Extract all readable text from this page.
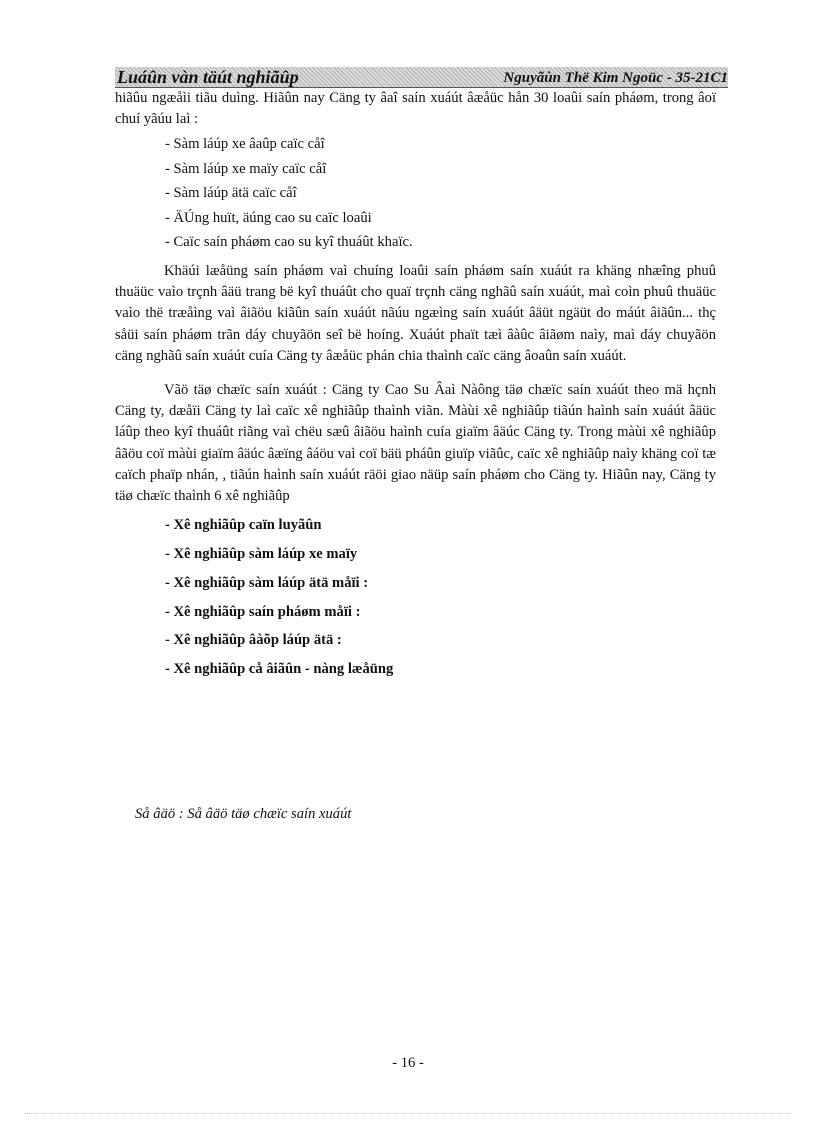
Luáûn vàn täút nghiãûp	Nguyãùn Thë Kim Ngoüc - 35-21C1

hiãûu ngæåìi tiãu duìng. Hiãûn nay Cäng ty âaî saín xuáút âæåüc hån 30 loaûi saín pháøm, trong âoï chuí yãúu laì :

- Sàm láúp xe âaûp caïc cåî
- Sàm láúp xe maïy caïc cåî
- Sàm láúp ätä caïc cåî
- ÄÚng huït, äúng cao su caïc loaûi
- Caïc saín pháøm cao su kyî thuáût khaïc.

Khäúi læåüng saín pháøm vaì chuíng loaûi saín pháøm saín xuáút ra khäng nhæîng phuû thuäüc vaìo trçnh âäü trang bë kyî thuáût cho quaï trçnh cäng nghãû saín xuáút, maì coìn phuû thuäüc vaìo thë træåìng vaì âiãöu kiãûn saín xuáút nãúu ngæìng saín xuáút âäüt ngäüt do máút âiãûn... thç såüi saín pháøm trãn dáy chuyãön seî bë hoíng. Xuáút phaït tæì âàûc âiãøm naìy, maì dáy chuyãön cäng nghãû saín xuáút cuía Cäng ty âæåüc phán chia thaình caïc cäng âoaûn saín xuáút.

Vãö täø chæïc saín xuáút : Cäng ty Cao Su Âaì Nàông täø chæïc saín xuáút theo mä hçnh Cäng ty, dæåïi Cäng ty laì caïc xê nghiãûp thaình viãn. Màùi xê nghiãûp tiãún haình saín xuáút âäüc láûp theo kyî thuáût riãng vaì chëu sæû âiãöu haình cuía giaïm âäúc Cäng ty. Trong màùi xê nghiãûp âãöu coï màùi giaïm âäúc âæïng âáöu vaì coï bäü pháûn giuïp viãûc, caïc xê nghiãûp naìy khäng coï tæ caïch phaïp nhán, , tiãún haình saín xuáút räöi giao näüp saín pháøm cho Cäng ty. Hiãûn nay, Cäng ty täø chæïc thaình 6 xê nghiãûp

- Xê nghiãûp caïn luyãûn
- Xê nghiãûp sàm láúp xe maïy
- Xê nghiãûp sàm láúp ätä måïi :
- Xê nghiãûp saín pháøm måïi :
- Xê nghiãûp âàõp láúp ätä :
- Xê nghiãûp cå âiãûn - nàng læåüng
Så âäö : Så âäö täø chæïc saín xuáút
- 16 -
